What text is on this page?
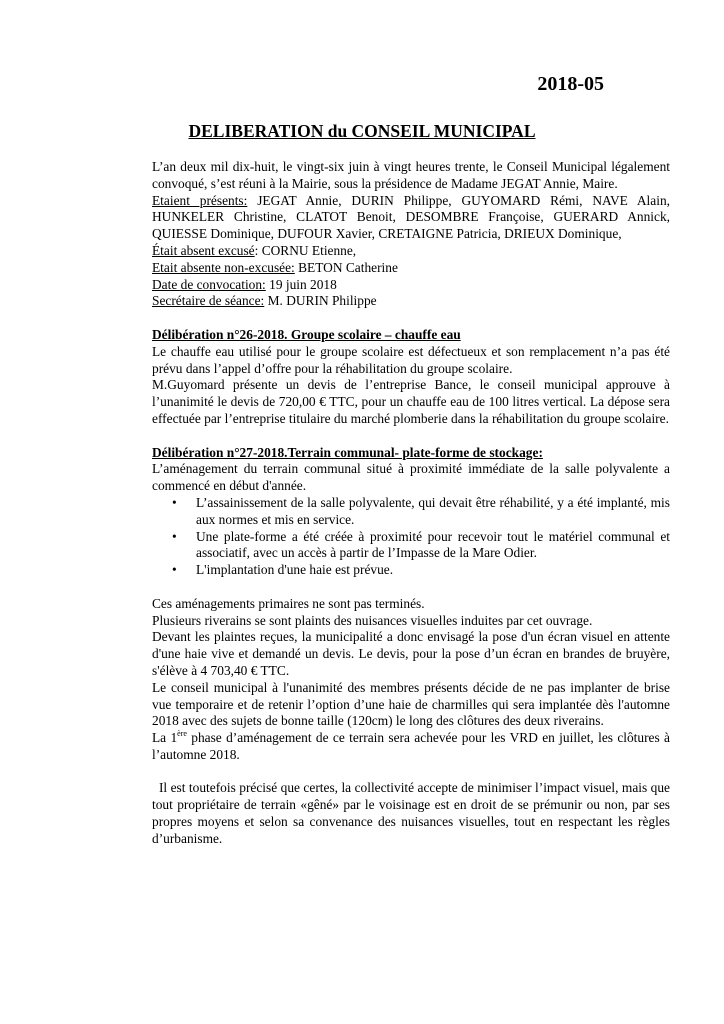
2018-05
DELIBERATION du CONSEIL MUNICIPAL

L’an deux mil dix-huit, le vingt-six juin à vingt heures trente, le Conseil Municipal légalement convoqué, s’est réuni à la Mairie, sous la présidence de Madame JEGAT Annie, Maire.

Etaient présents: JEGAT Annie, DURIN Philippe, GUYOMARD Rémi, NAVE Alain, HUNKELER Christine, CLATOT Benoit, DESOMBRE Françoise, GUERARD Annick, QUIESSE Dominique, DUFOUR Xavier, CRETAIGNE Patricia, DRIEUX Dominique,

Était absent excusé: CORNU Etienne,

Etait absente non-excusée: BETON Catherine

Date de convocation: 19 juin 2018

Secrétaire de séance: M. DURIN Philippe

Délibération n°26-2018. Groupe scolaire – chauffe eau

Le chauffe eau utilisé pour le groupe scolaire est défectueux et son remplacement n’a pas été prévu dans l’appel d’offre pour la réhabilitation du groupe scolaire.

M.Guyomard présente un devis de l’entreprise Bance, le conseil municipal approuve à l’unanimité le devis de 720,00 € TTC, pour un chauffe eau de 100 litres vertical. La dépose sera effectuée par l’entreprise titulaire du marché plomberie dans la réhabilitation du groupe scolaire.

Délibération n°27-2018.Terrain communal- plate-forme de stockage:

L’aménagement du terrain communal situé à proximité immédiate de la salle polyvalente a commencé en début d'année.

• L’assainissement de la salle polyvalente, qui devait être réhabilité, y a été implanté, mis aux normes et mis en service.
• Une plate-forme a été créée à proximité pour recevoir tout le matériel communal et associatif, avec un accès à partir de l’Impasse de la Mare Odier.
• L'implantation d'une haie est prévue.

Ces aménagements primaires ne sont pas terminés.

Plusieurs riverains se sont plaints des nuisances visuelles induites par cet ouvrage.

Devant les plaintes reçues, la municipalité a donc envisagé la pose d'un écran visuel en attente d'une haie vive et demandé un devis. Le devis, pour la pose d’un écran en brandes de bruyère, s'élève à 4 703,40 € TTC.

Le conseil municipal à l'unanimité des membres présents décide de ne pas implanter de brise vue temporaire et de retenir l’option d’une haie de charmilles qui sera implantée dès l'automne 2018 avec des sujets de bonne taille (120cm) le long des clôtures des deux riverains.

La 1ère phase d’aménagement de ce terrain sera achevée pour les VRD en juillet, les clôtures à l’automne 2018.

Il est toutefois précisé que certes, la collectivité accepte de minimiser l’impact visuel, mais que tout propriétaire de terrain «gêné» par le voisinage est en droit de se prémunir ou non, par ses propres moyens et selon sa convenance des nuisances visuelles, tout en respectant les règles d’urbanisme.
